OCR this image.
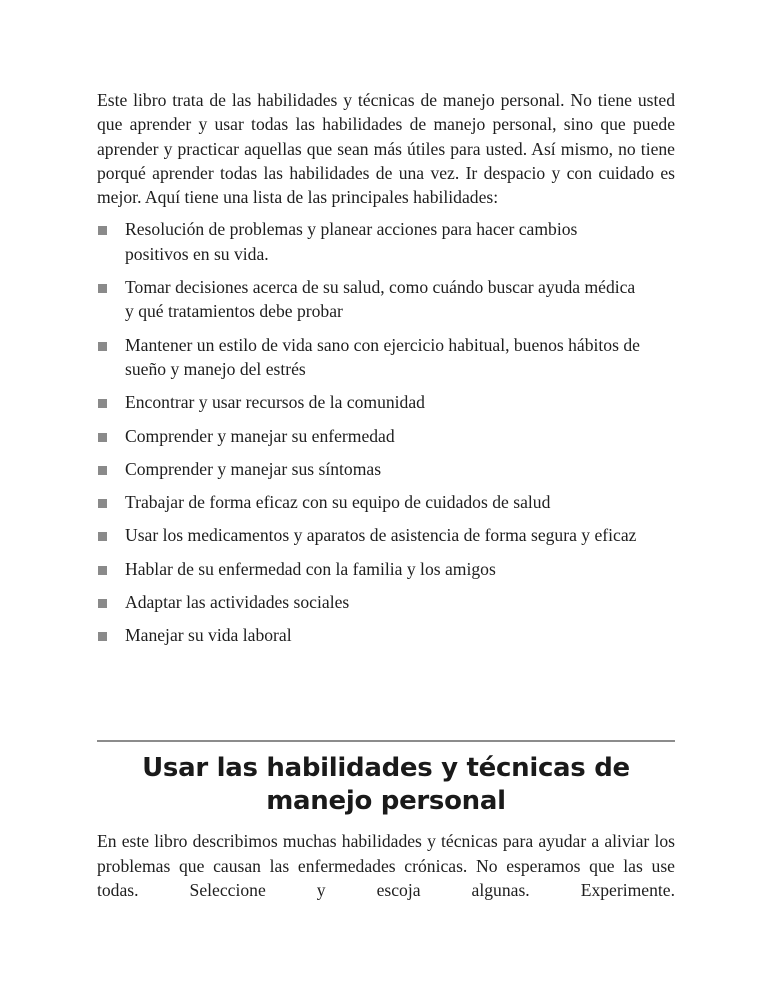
Este libro trata de las habilidades y técnicas de manejo personal. No tiene usted que aprender y usar todas las habilidades de manejo personal, sino que puede aprender y practicar aquellas que sean más útiles para usted. Así mismo, no tiene porqué aprender todas las habilidades de una vez. Ir despacio y con cuidado es mejor. Aquí tiene una lista de las principales habilidades:

Resolución de problemas y planear acciones para hacer cambios positivos en su vida.
Tomar decisiones acerca de su salud, como cuándo buscar ayuda médica y qué tratamientos debe probar
Mantener un estilo de vida sano con ejercicio habitual, buenos hábitos de sueño y manejo del estrés
Encontrar y usar recursos de la comunidad
Comprender y manejar su enfermedad
Comprender y manejar sus síntomas
Trabajar de forma eficaz con su equipo de cuidados de salud
Usar los medicamentos y aparatos de asistencia de forma segura y eficaz
Hablar de su enfermedad con la familia y los amigos
Adaptar las actividades sociales
Manejar su vida laboral
Usar las habilidades y técnicas de
manejo personal

En este libro describimos muchas habilidades y técnicas para ayudar a aliviar los problemas que causan las enfermedades crónicas. No esperamos que las use todas. Seleccione y escoja algunas. Experimente.
